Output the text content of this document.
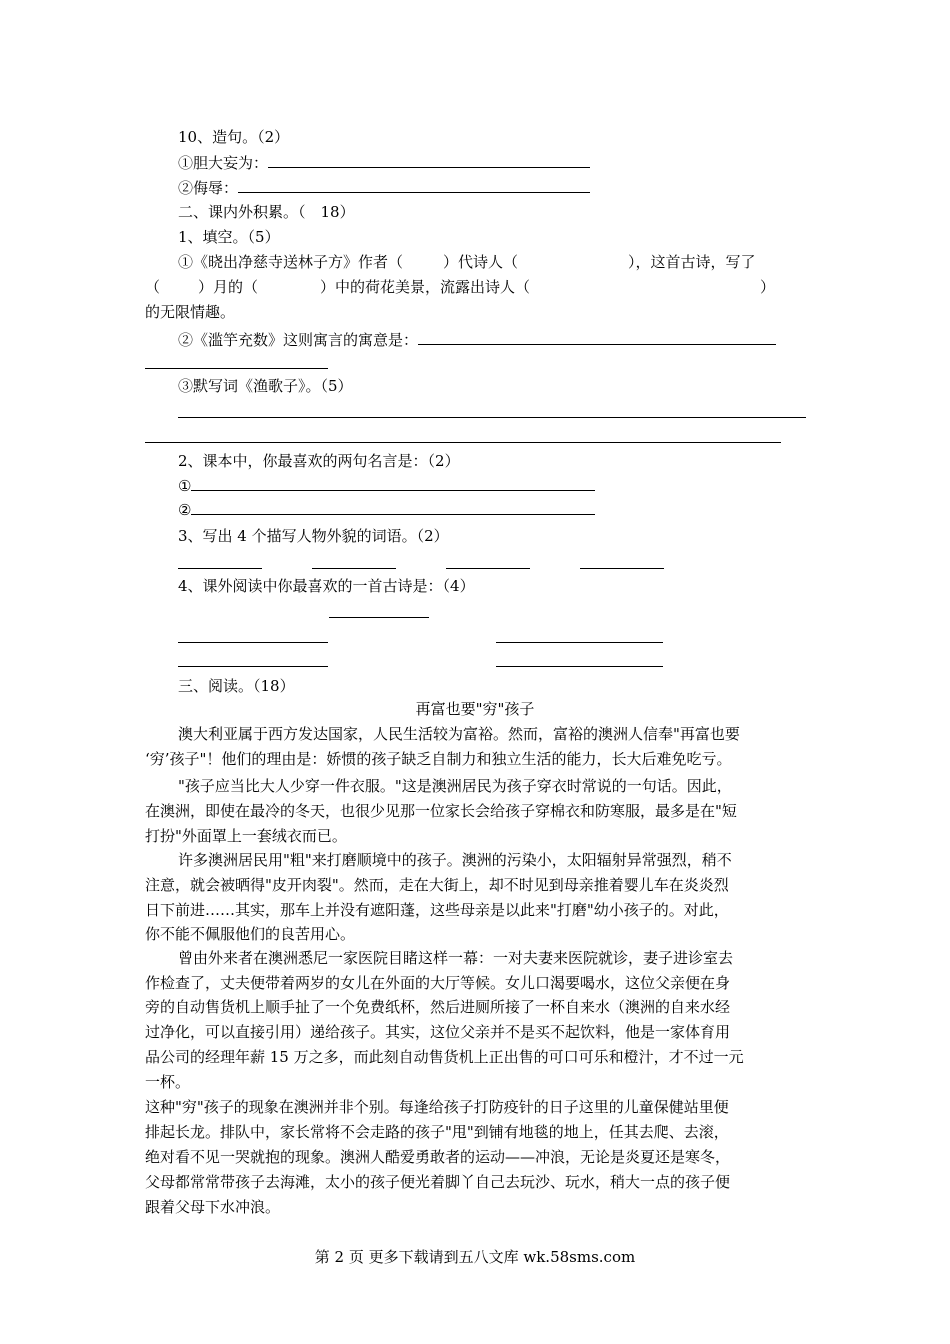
10、造句。（2）
①胆大妄为：
②侮辱：
二、课内外积累。（　18）
1、填空。（5）
①《晓出净慈寺送林子方》作者（	）代诗人（	），这首古诗，写了
（	）月的（	）中的荷花美景，流露出诗人（	）
的无限情趣。
②《滥竽充数》这则寓言的寓意是：
③默写词《渔歌子》。（5）
2、课本中，你最喜欢的两句名言是：（2）
①
②
3、写出 4 个描写人物外貌的词语。（2）
4、课外阅读中你最喜欢的一首古诗是：（4）
三、阅读。（18）
再富也要"穷"孩子
澳大利亚属于西方发达国家，人民生活较为富裕。然而，富裕的澳洲人信奉"再富也要
‘穷’孩子"！他们的理由是：娇惯的孩子缺乏自制力和独立生活的能力，长大后难免吃亏。
"孩子应当比大人少穿一件衣服。"这是澳洲居民为孩子穿衣时常说的一句话。因此，
在澳洲，即使在最冷的冬天，也很少见那一位家长会给孩子穿棉衣和防寒服，最多是在"短
打扮"外面罩上一套绒衣而已。
许多澳洲居民用"粗"来打磨顺境中的孩子。澳洲的污染小，太阳辐射异常强烈，稍不
注意，就会被晒得"皮开肉裂"。然而，走在大街上，却不时见到母亲推着婴儿车在炎炎烈
日下前进……其实，那车上并没有遮阳蓬，这些母亲是以此来"打磨"幼小孩子的。对此，
你不能不佩服他们的良苦用心。
曾由外来者在澳洲悉尼一家医院目睹这样一幕：一对夫妻来医院就诊，妻子进诊室去
作检查了，丈夫便带着两岁的女儿在外面的大厅等候。女儿口渴要喝水，这位父亲便在身
旁的自动售货机上顺手扯了一个免费纸杯，然后进厕所接了一杯自来水（澳洲的自来水经
过净化，可以直接引用）递给孩子。其实，这位父亲并不是买不起饮料，他是一家体育用
品公司的经理年薪 15 万之多，而此刻自动售货机上正出售的可口可乐和橙汁，才不过一元
一杯。
这种"穷"孩子的现象在澳洲并非个别。每逢给孩子打防疫针的日子这里的儿童保健站里便
排起长龙。排队中，家长常将不会走路的孩子"甩"到铺有地毯的地上，任其去爬、去滚，
绝对看不见一哭就抱的现象。澳洲人酷爱勇敢者的运动——冲浪，无论是炎夏还是寒冬，
父母都常常带孩子去海滩，太小的孩子便光着脚丫自己去玩沙、玩水，稍大一点的孩子便
跟着父母下水冲浪。
第 2 页 更多下载请到五八文库 wk.58sms.com
